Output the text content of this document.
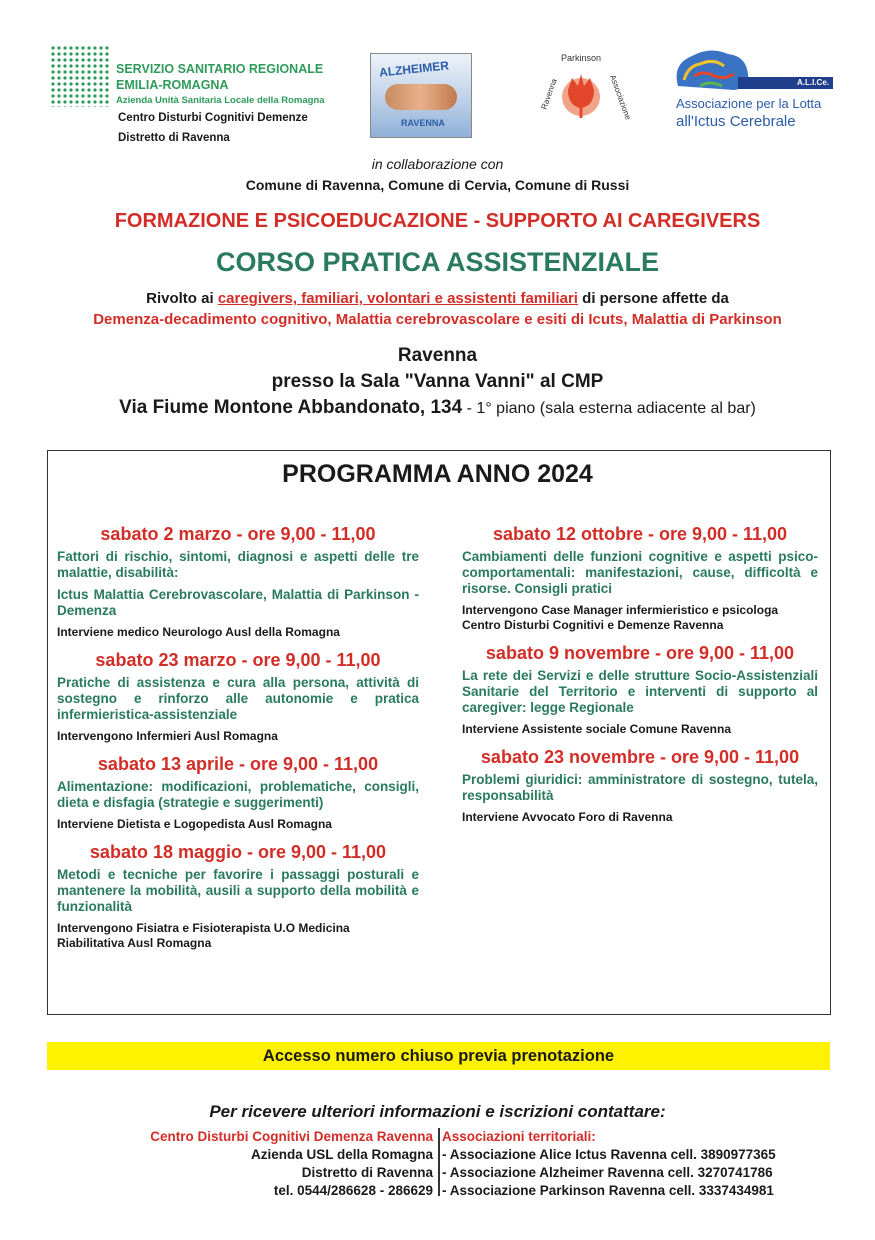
SERVIZIO SANITARIO REGIONALE
EMILIA-ROMAGNA
Azienda Unità Sanitaria Locale della Romagna
Centro Disturbi Cognitivi Demenze
Distretto di Ravenna
ALZHEIMER
RAVENNA
Parkinson
Ravenna	Associazione	A.L.I.Ce.
Associazione per la Lotta
all'Ictus Cerebrale
in collaborazione con
Comune di Ravenna, Comune di Cervia, Comune di Russi
FORMAZIONE E PSICOEDUCAZIONE - SUPPORTO AI CAREGIVERS
CORSO PRATICA ASSISTENZIALE
Rivolto ai caregivers, familiari, volontari e assistenti familiari di persone affette da
Demenza-decadimento cognitivo, Malattia cerebrovascolare e esiti di Icuts, Malattia di Parkinson
Ravenna
presso la Sala "Vanna Vanni" al CMP
Via Fiume Montone Abbandonato, 134 - 1° piano (sala esterna adiacente al bar)
PROGRAMMA ANNO 2024
sabato 2 marzo - ore 9,00 - 11,00
Fattori di rischio, sintomi, diagnosi e aspetti delle tre malattie, disabilità:
Ictus Malattia Cerebrovascolare, Malattia di Parkinson - Demenza
Interviene medico Neurologo Ausl della Romagna
sabato 23 marzo - ore 9,00 - 11,00
Pratiche di assistenza e cura alla persona, attività di sostegno e rinforzo alle autonomie e pratica infermieristica-assistenziale
Intervengono Infermieri Ausl Romagna
sabato 13 aprile - ore 9,00 - 11,00
Alimentazione: modificazioni, problematiche, consigli, dieta e disfagia (strategie e suggerimenti)
Interviene Dietista e Logopedista Ausl Romagna
sabato 18 maggio - ore 9,00 - 11,00
Metodi e tecniche per favorire i passaggi posturali e mantenere la mobilità, ausili a supporto della mobilità e funzionalità
Intervengono Fisiatra e Fisioterapista U.O Medicina Riabilitativa Ausl Romagna
sabato 12 ottobre - ore 9,00 - 11,00
Cambiamenti delle funzioni cognitive e aspetti psico-comportamentali: manifestazioni, cause, difficoltà e risorse. Consigli pratici
Intervengono Case Manager infermieristico e psicologa Centro Disturbi Cognitivi e Demenze Ravenna
sabato 9 novembre - ore 9,00 - 11,00
La rete dei Servizi e delle strutture Socio-Assistenziali Sanitarie del Territorio e interventi di supporto al caregiver: legge Regionale
Interviene Assistente sociale Comune Ravenna
sabato 23 novembre - ore 9,00 - 11,00
Problemi giuridici: amministratore di sostegno, tutela, responsabilità
Interviene Avvocato Foro di Ravenna
Accesso numero chiuso previa prenotazione
Per ricevere ulteriori informazioni e iscrizioni contattare:
Centro Disturbi Cognitivi Demenza Ravenna
Azienda USL della Romagna
Distretto di Ravenna
tel. 0544/286628 - 286629
Associazioni territoriali:
- Associazione Alice Ictus Ravenna cell. 3890977365
- Associazione Alzheimer Ravenna cell. 3270741786
- Associazione Parkinson Ravenna cell. 3337434981
